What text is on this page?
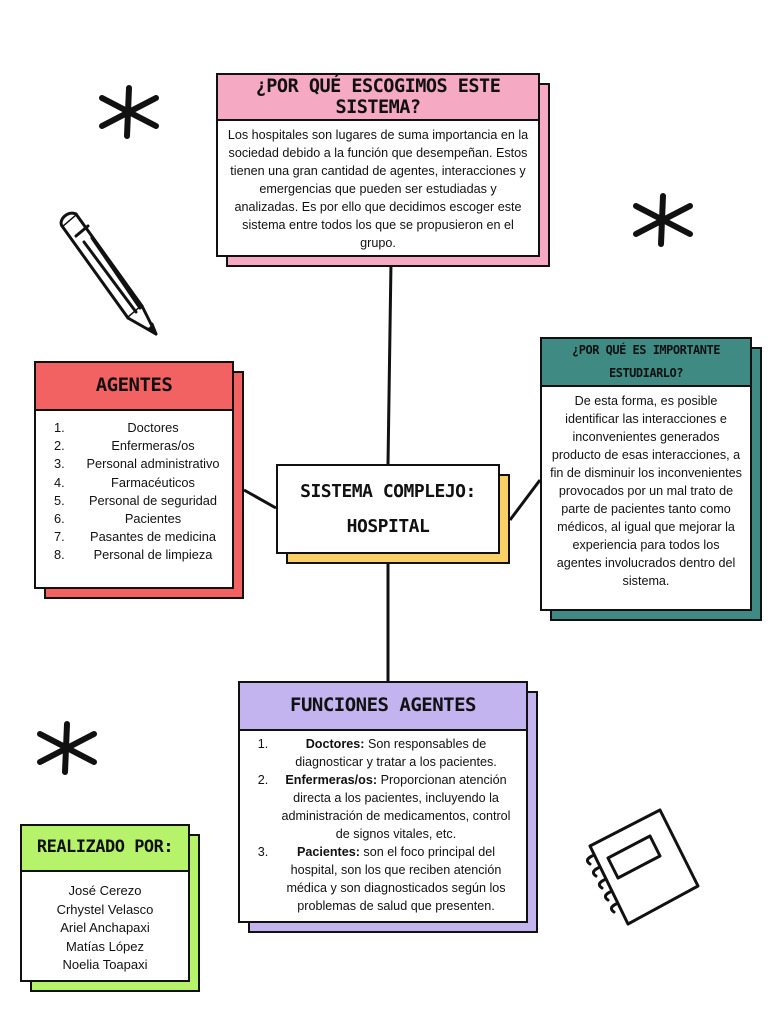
¿POR QUÉ ESCOGIMOS ESTE SISTEMA?
Los hospitales son lugares de suma importancia en la sociedad debido a la función que desempeñan. Estos tienen una gran cantidad de agentes, interacciones y emergencias que pueden ser estudiadas y analizadas. Es por ello que decidimos escoger este sistema entre todos los que se propusieron en el grupo.
AGENTES
1.	Doctores
2.	Enfermeras/os
3.	Personal administrativo
4.	Farmacéuticos
5.	Personal de seguridad
6.	Pacientes
7.	Pasantes de medicina
8.	Personal de limpieza
SISTEMA COMPLEJO:
HOSPITAL
¿POR QUÉ ES IMPORTANTE
ESTUDIARLO?
De esta forma, es posible identificar las interacciones e inconvenientes generados producto de esas interacciones, a fin de disminuir los inconvenientes provocados por un mal trato de parte de pacientes tanto como médicos, al igual que mejorar la experiencia para todos los agentes involucrados dentro del sistema.
FUNCIONES AGENTES
1.	Doctores: Son responsables de diagnosticar y tratar a los pacientes.
2.	Enfermeras/os: Proporcionan atención directa a los pacientes, incluyendo la administración de medicamentos, control de signos vitales, etc.
3.	Pacientes: son el foco principal del hospital, son los que reciben atención médica y son diagnosticados según los problemas de salud que presenten.
REALIZADO POR:
José Cerezo
Crhystel Velasco
Ariel Anchapaxi
Matías López
Noelia Toapaxi
